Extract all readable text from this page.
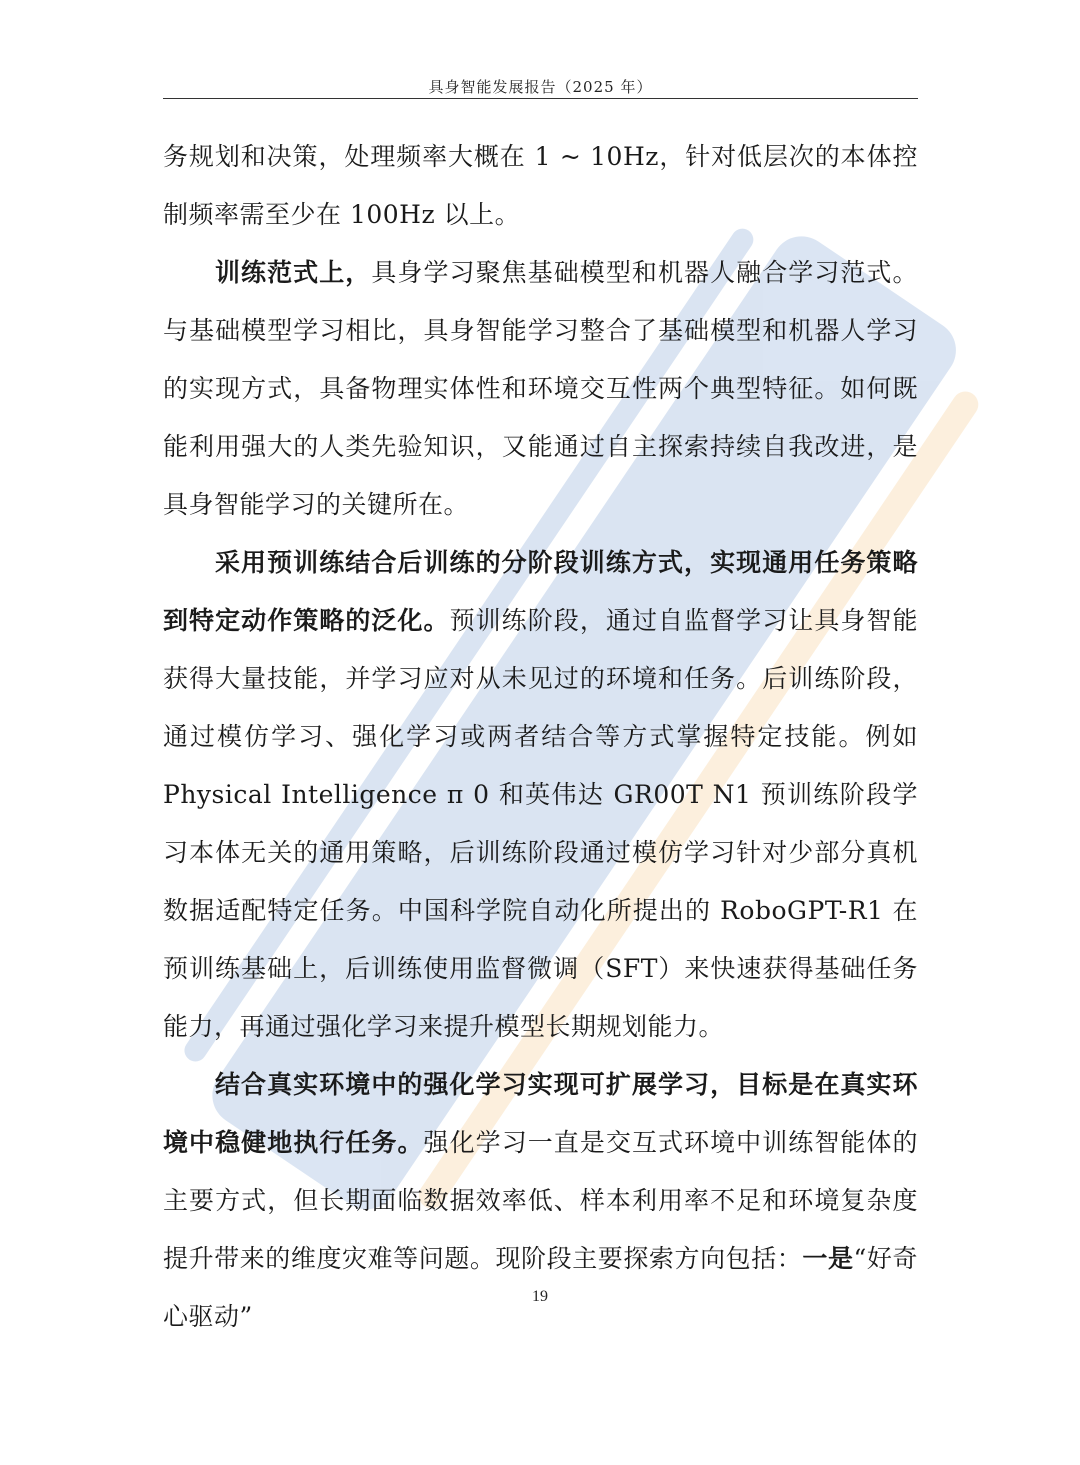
具身智能发展报告（2025 年）

务规划和决策，处理频率大概在 1 ~ 10Hz，针对低层次的本体控制频率需至少在 100Hz 以上。

训练范式上，具身学习聚焦基础模型和机器人融合学习范式。与基础模型学习相比，具身智能学习整合了基础模型和机器人学习的实现方式，具备物理实体性和环境交互性两个典型特征。如何既能利用强大的人类先验知识，又能通过自主探索持续自我改进，是具身智能学习的关键所在。

采用预训练结合后训练的分阶段训练方式，实现通用任务策略到特定动作策略的泛化。预训练阶段，通过自监督学习让具身智能获得大量技能，并学习应对从未见过的环境和任务。后训练阶段，通过模仿学习、强化学习或两者结合等方式掌握特定技能。例如 Physical Intelligence π 0 和英伟达 GR00T N1 预训练阶段学习本体无关的通用策略，后训练阶段通过模仿学习针对少部分真机数据适配特定任务。中国科学院自动化所提出的 RoboGPT-R1 在预训练基础上，后训练使用监督微调（SFT）来快速获得基础任务能力，再通过强化学习来提升模型长期规划能力。

结合真实环境中的强化学习实现可扩展学习，目标是在真实环境中稳健地执行任务。强化学习一直是交互式环境中训练智能体的主要方式，但长期面临数据效率低、样本利用率不足和环境复杂度提升带来的维度灾难等问题。现阶段主要探索方向包括：一是“好奇心驱动”

19
